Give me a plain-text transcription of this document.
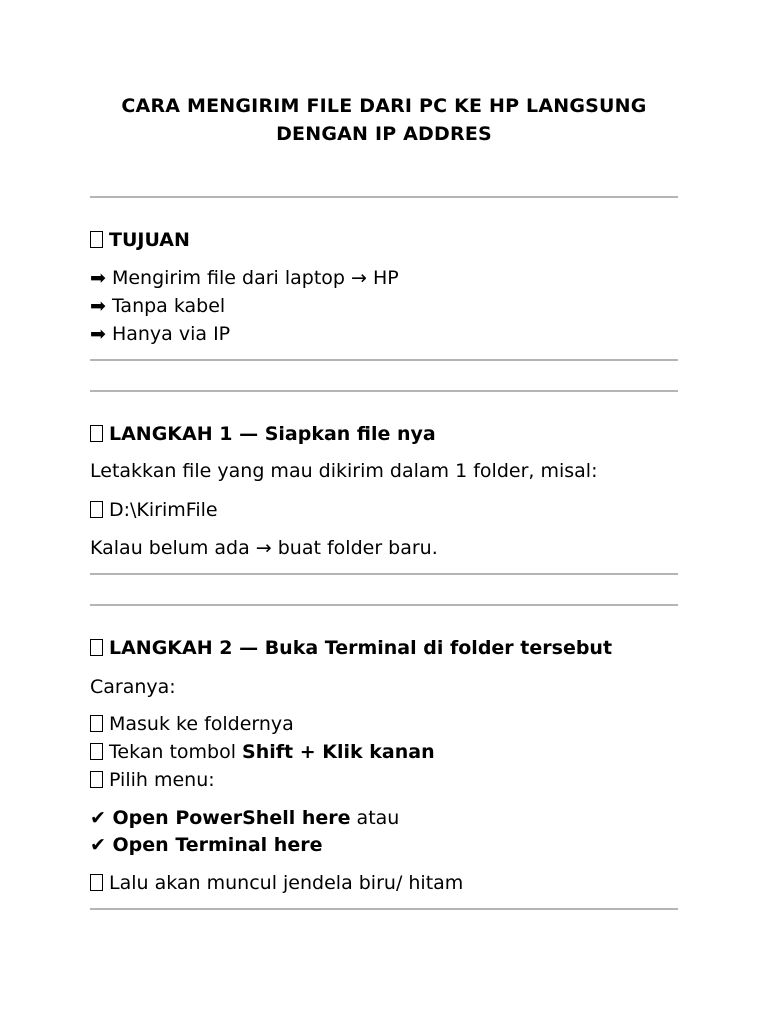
CARA MENGIRIM FILE DARI PC KE HP LANGSUNG
DENGAN IP ADDRES
TUJUAN
➡ Mengirim file dari laptop → HP
➡ Tanpa kabel
➡ Hanya via IP
LANGKAH 1 — Siapkan file nya
Letakkan file yang mau dikirim dalam 1 folder, misal:
D:\KirimFile
Kalau belum ada → buat folder baru.
LANGKAH 2 — Buka Terminal di folder tersebut
Caranya:
Masuk ke foldernya
Tekan tombol Shift + Klik kanan
Pilih menu:
✔ Open PowerShell here atau
✔ Open Terminal here
Lalu akan muncul jendela biru/ hitam
